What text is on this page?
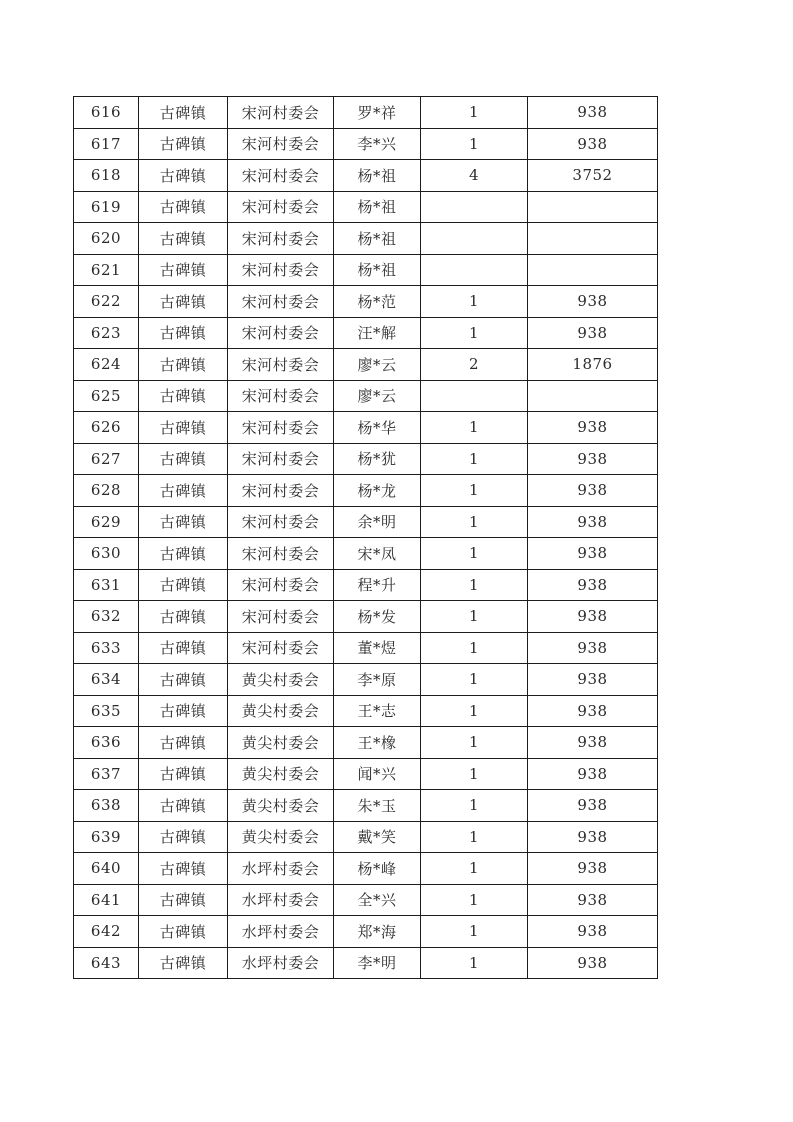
616	古碑镇	宋河村委会	罗*祥	1	938
617	古碑镇	宋河村委会	李*兴	1	938
618	古碑镇	宋河村委会	杨*祖	4	3752
619	古碑镇	宋河村委会	杨*祖		
620	古碑镇	宋河村委会	杨*祖		
621	古碑镇	宋河村委会	杨*祖		
622	古碑镇	宋河村委会	杨*范	1	938
623	古碑镇	宋河村委会	汪*解	1	938
624	古碑镇	宋河村委会	廖*云	2	1876
625	古碑镇	宋河村委会	廖*云		
626	古碑镇	宋河村委会	杨*华	1	938
627	古碑镇	宋河村委会	杨*犹	1	938
628	古碑镇	宋河村委会	杨*龙	1	938
629	古碑镇	宋河村委会	余*明	1	938
630	古碑镇	宋河村委会	宋*凤	1	938
631	古碑镇	宋河村委会	程*升	1	938
632	古碑镇	宋河村委会	杨*发	1	938
633	古碑镇	宋河村委会	董*煜	1	938
634	古碑镇	黄尖村委会	李*原	1	938
635	古碑镇	黄尖村委会	王*志	1	938
636	古碑镇	黄尖村委会	王*橡	1	938
637	古碑镇	黄尖村委会	闻*兴	1	938
638	古碑镇	黄尖村委会	朱*玉	1	938
639	古碑镇	黄尖村委会	戴*笑	1	938
640	古碑镇	水坪村委会	杨*峰	1	938
641	古碑镇	水坪村委会	全*兴	1	938
642	古碑镇	水坪村委会	郑*海	1	938
643	古碑镇	水坪村委会	李*明	1	938
